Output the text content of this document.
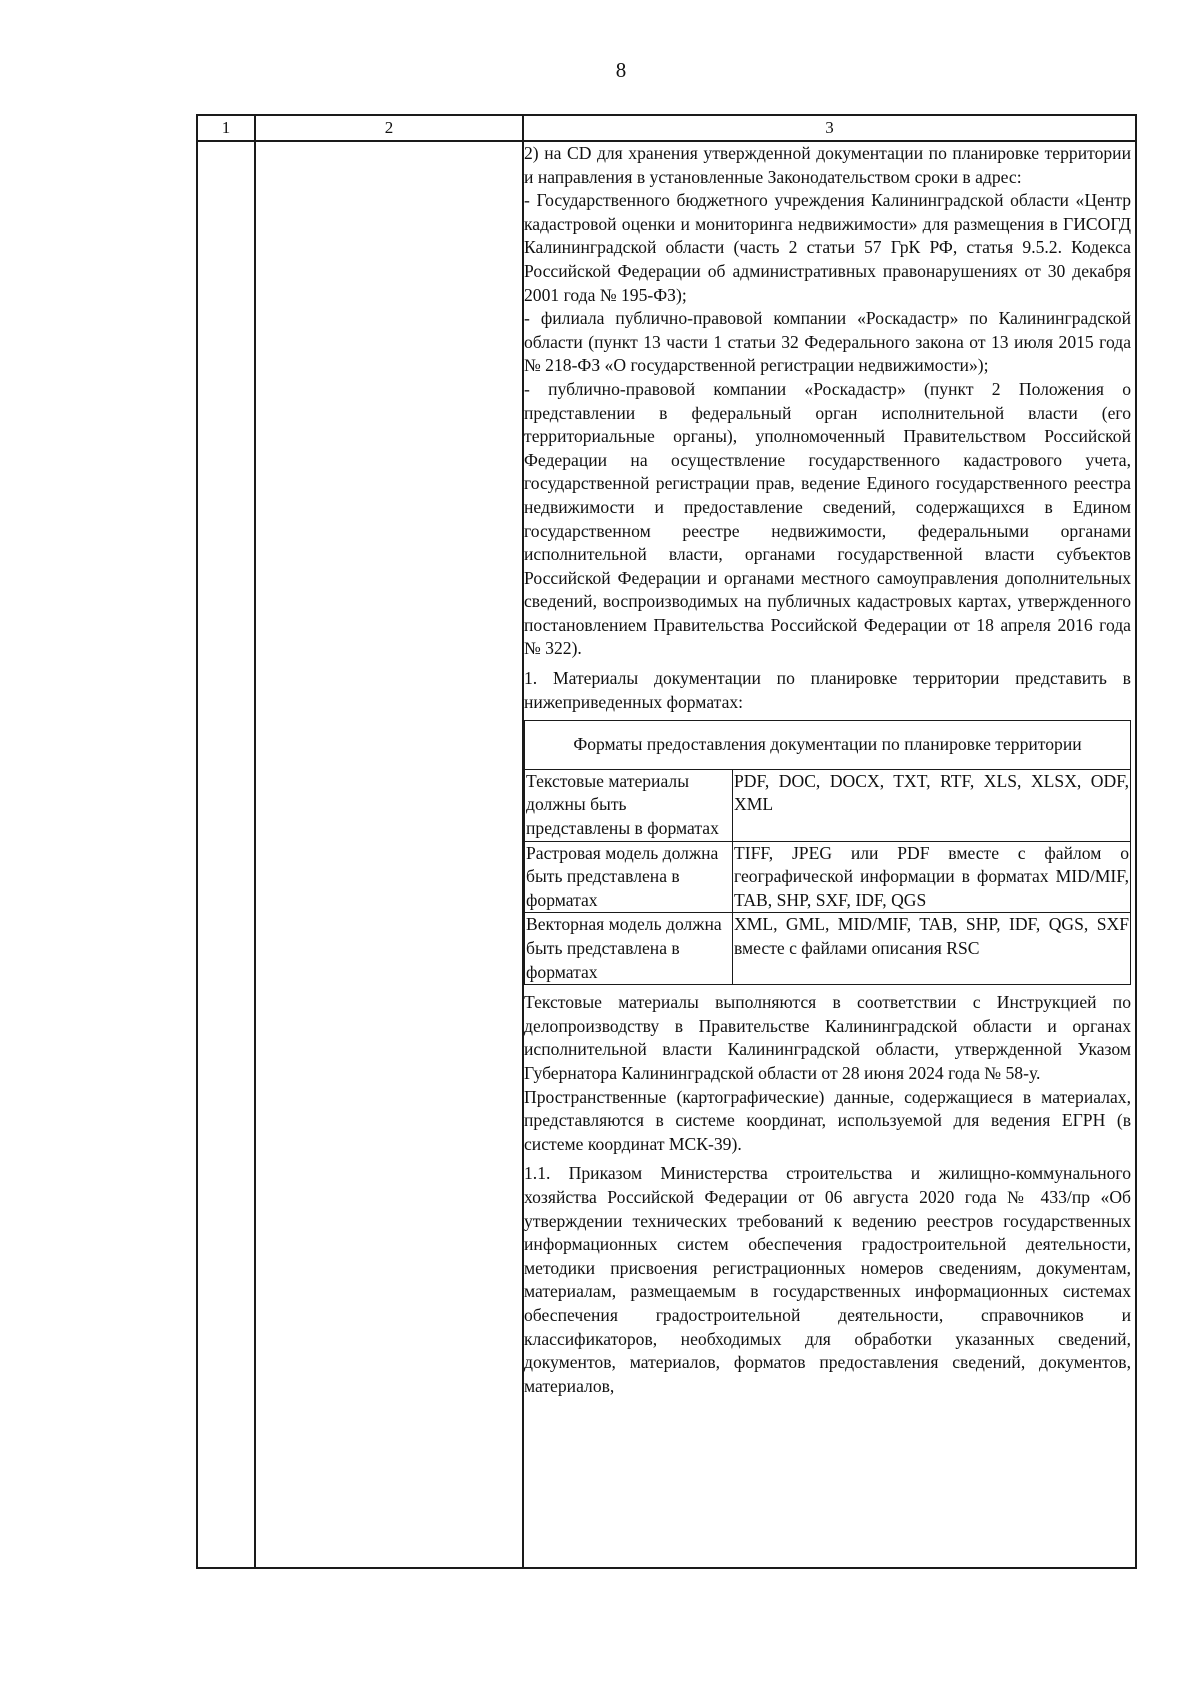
8
1	2	3

2) на CD для хранения утвержденной документации по планировке территории и направления в установленные Законодательством сроки в адрес:

- Государственного бюджетного учреждения Калининградской области «Центр кадастровой оценки и мониторинга недвижимости» для размещения в ГИСОГД Калининградской области (часть 2 статьи 57 ГрК РФ, статья 9.5.2. Кодекса Российской Федерации об административных правонарушениях от 30 декабря 2001 года № 195-ФЗ);

- филиала публично-правовой компании «Роскадастр» по Калининградской области (пункт 13 части 1 статьи 32 Федерального закона от 13 июля 2015 года № 218-ФЗ «О государственной регистрации недвижимости»);

- публично-правовой компании «Роскадастр» (пункт 2 Положения о представлении в федеральный орган исполнительной власти (его территориальные органы), уполномоченный Правительством Российской Федерации на осуществление государственного кадастрового учета, государственной регистрации прав, ведение Единого государственного реестра недвижимости и предоставление сведений, содержащихся в Едином государственном реестре недвижимости, федеральными органами исполнительной власти, органами государственной власти субъектов Российской Федерации и органами местного самоуправления дополнительных сведений, воспроизводимых на публичных кадастровых картах, утвержденного постановлением Правительства Российской Федерации от 18 апреля 2016 года № 322).

1. Материалы документации по планировке территории представить в нижеприведенных форматах:

Форматы предоставления документации по планировке территории	
Текстовые материалы должны быть представлены в форматах	PDF, DOC, DOCX, TXT, RTF, XLS, XLSX, ODF, XML
Растровая модель должна быть представлена в форматах	TIFF, JPEG или PDF вместе с файлом о географической информации в форматах MID/MIF, TAB, SHP, SXF, IDF, QGS
Векторная модель должна быть представлена в форматах	XML, GML, MID/MIF, TAB, SHP, IDF, QGS, SXF вместе с файлами описания RSC

Текстовые материалы выполняются в соответствии с Инструкцией по делопроизводству в Правительстве Калининградской области и органах исполнительной власти Калининградской области, утвержденной Указом Губернатора Калининградской области от 28 июня 2024 года № 58-у.

Пространственные (картографические) данные, содержащиеся в материалах, представляются в системе координат, используемой для ведения ЕГРН (в системе координат МСК-39).

1.1. Приказом Министерства строительства и жилищно-коммунального хозяйства Российской Федерации от 06 августа 2020 года № 433/пр «Об утверждении технических требований к ведению реестров государственных информационных систем обеспечения градостроительной деятельности, методики присвоения регистрационных номеров сведениям, документам, материалам, размещаемым в государственных информационных системах обеспечения градостроительной деятельности, справочников и классификаторов, необходимых для обработки указанных сведений, документов, материалов, форматов предоставления сведений, документов, материалов,
